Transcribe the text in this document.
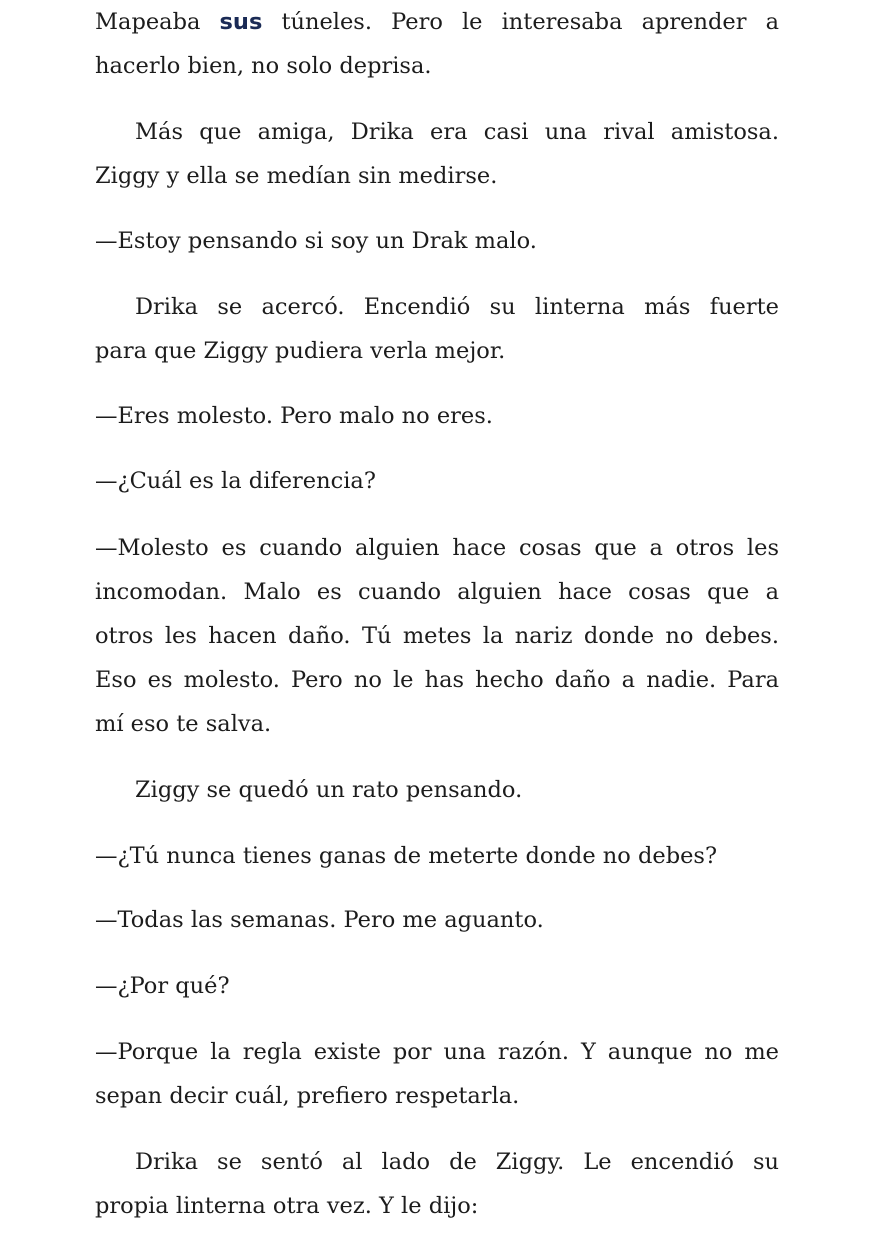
Mapeaba sus túneles. Pero le interesaba aprender a
hacerlo bien, no solo deprisa.
Más que amiga, Drika era casi una rival amistosa.
Ziggy y ella se medían sin medirse.
—Estoy pensando si soy un Drak malo.
Drika se acercó. Encendió su linterna más fuerte
para que Ziggy pudiera verla mejor.
—Eres molesto. Pero malo no eres.
—¿Cuál es la diferencia?
—Molesto es cuando alguien hace cosas que a otros les
incomodan. Malo es cuando alguien hace cosas que a
otros les hacen daño. Tú metes la nariz donde no debes.
Eso es molesto. Pero no le has hecho daño a nadie. Para
mí eso te salva.
Ziggy se quedó un rato pensando.
—¿Tú nunca tienes ganas de meterte donde no debes?
—Todas las semanas. Pero me aguanto.
—¿Por qué?
—Porque la regla existe por una razón. Y aunque no me
sepan decir cuál, prefiero respetarla.
Drika se sentó al lado de Ziggy. Le encendió su
propia linterna otra vez. Y le dijo:
